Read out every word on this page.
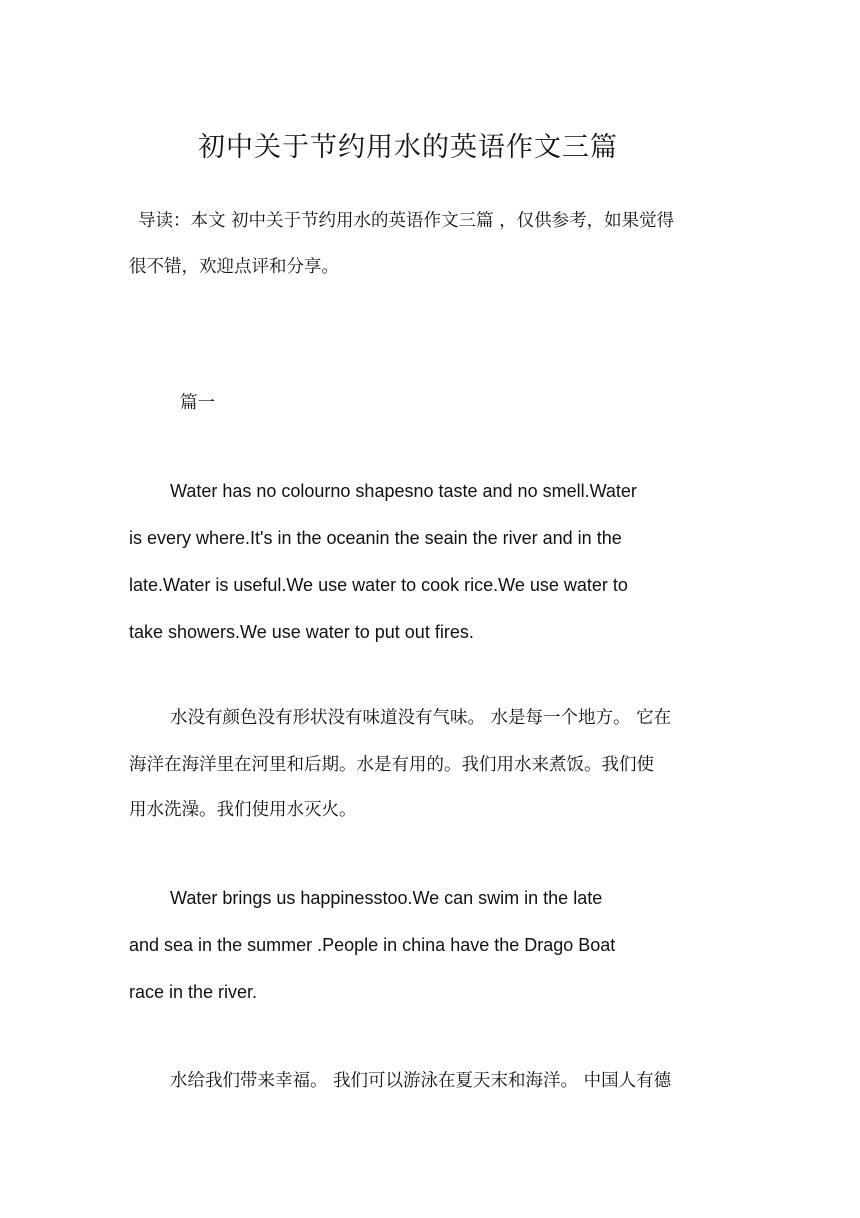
初中关于节约用水的英语作文三篇
导读：本文 初中关于节约用水的英语作文三篇 ，仅供参考，如果觉得
很不错，欢迎点评和分享。
篇一
Water has no colourno shapesno taste and no smell.Water
is every where.It's in the oceanin the seain the river and in the
late.Water is useful.We use water to cook rice.We use water to
take showers.We use water to put out fires.
水没有颜色没有形状没有味道没有气味。 水是每一个地方。 它在
海洋在海洋里在河里和后期。水是有用的。我们用水来煮饭。我们使
用水洗澡。我们使用水灭火。
Water brings us happinesstoo.We can swim in the late
and sea in the summer .People in china have the Drago Boat
race in the river.
水给我们带来幸福。 我们可以游泳在夏天末和海洋。 中国人有德
